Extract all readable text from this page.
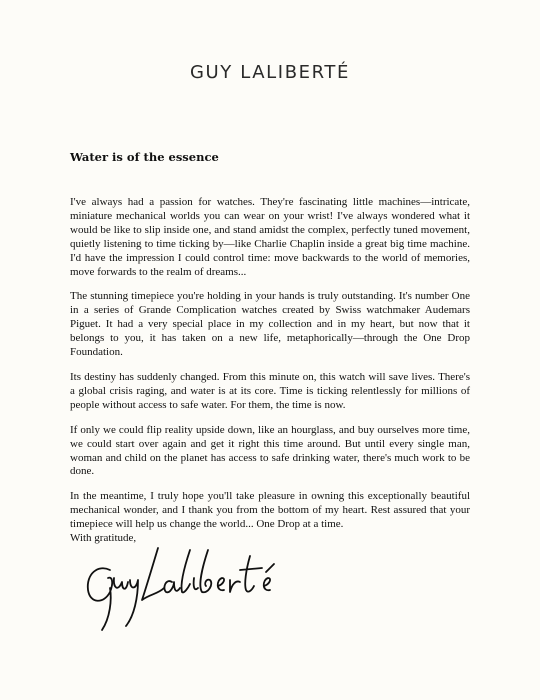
GUY LALIBERTÉ
Water is of the essence

I've always had a passion for watches. They're fascinating little machines—intricate, miniature mechanical worlds you can wear on your wrist! I've always wondered what it would be like to slip inside one, and stand amidst the complex, perfectly tuned movement, quietly listening to time ticking by—like Charlie Chaplin inside a great big time machine. I'd have the impression I could control time: move backwards to the world of memories, move forwards to the realm of dreams...

The stunning timepiece you're holding in your hands is truly outstanding. It's number One in a series of Grande Complication watches created by Swiss watchmaker Audemars Piguet. It had a very special place in my collection and in my heart, but now that it belongs to you, it has taken on a new life, metaphorically—through the One Drop Foundation.

Its destiny has suddenly changed. From this minute on, this watch will save lives. There's a global crisis raging, and water is at its core. Time is ticking relentlessly for millions of people without access to safe water. For them, the time is now.

If only we could flip reality upside down, like an hourglass, and buy ourselves more time, we could start over again and get it right this time around. But until every single man, woman and child on the planet has access to safe drinking water, there's much work to be done.

In the meantime, I truly hope you'll take pleasure in owning this exceptionally beautiful mechanical wonder, and I thank you from the bottom of my heart. Rest assured that your timepiece will help us change the world... One Drop at a time.

With gratitude,
